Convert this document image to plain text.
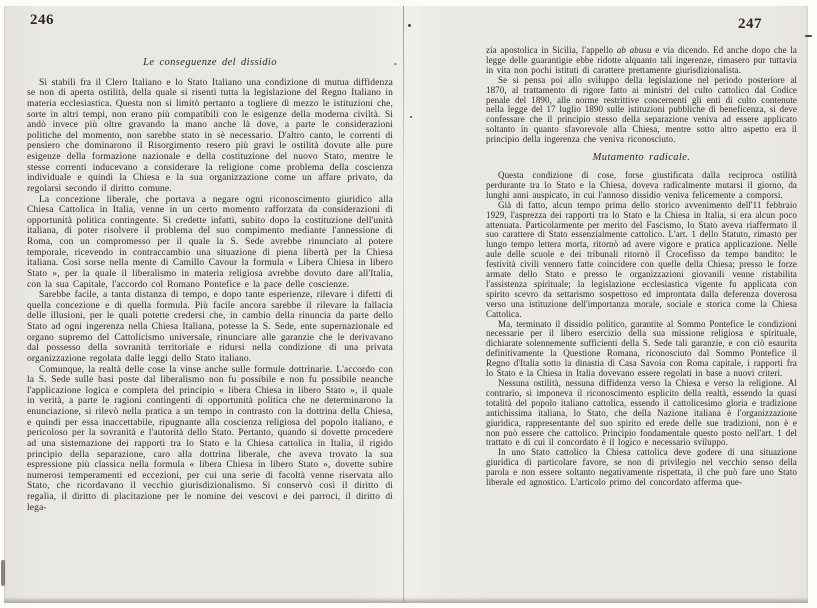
246
Le conseguenze del dissidio

Si stabilì fra il Clero Italiano e lo Stato Italiano una condizione di mutua diffidenza se non di aperta ostilità, della quale si risentì tutta la legislazione del Regno Italiano in materia ecclesiastica. Questa non si limitò pertanto a togliere di mezzo le istituzioni che, sorte in altri tempi, non erano più compatibili con le esigenze della moderna civiltà. Si andò invece più oltre gravando la mano anche là dove, a parte le considerazioni politiche del momento, non sarebbe stato in sè necessario. D'altro canto, le correnti di pensiero che dominarono il Risorgimento resero più gravi le ostilità dovute alle pure esigenze della formazione nazionale e della costituzione del nuovo Stato, mentre le stesse correnti inducevano a considerare la religione come problema della coscienza individuale e quindi la Chiesa e la sua organizzazione come un affare privato, da regolarsi secondo il diritto comune.

La concezione liberale, che portava a negare ogni riconoscimento giuridico alla Chiesa Cattolica in Italia, venne in un certo momento rafforzata da considerazioni di opportunità politica contingente. Si credette infatti, subito dopo la costituzione dell'unità italiana, di poter risolvere il problema del suo compimento mediante l'annessione di Roma, con un compromesso per il quale la S. Sede avrebbe rinunciato al potere temporale, ricevendo in contraccambio una situazione di piena libertà per la Chiesa italiana. Così sorse nella mente di Camillo Cavour la formula « Libera Chiesa in libero Stato », per la quale il liberalismo in materia religiosa avrebbe dovuto dare all'Italia, con la sua Capitale, l'accordo col Romano Pontefice e la pace delle coscienze.

Sarebbe facile, a tanta distanza di tempo, e dopo tante esperienze, rilevare i difetti di quella concezione e di quella formula. Più facile ancora sarebbe il rilevare la fallacia delle illusioni, per le quali potette credersi che, in cambio della rinuncia da parte dello Stato ad ogni ingerenza nella Chiesa Italiana, potesse la S. Sede, ente supernazionale ed organo supremo del Cattolicismo universale, rinunciare alle garanzie che le derivavano dal possesso della sovranità territoriale e ridursi nella condizione di una privata organizzazione regolata dalle leggi dello Stato italiano.

Comunque, la realtà delle cose la vinse anche sulle formule dottrinarie. L'accordo con la S. Sede sulle basi poste dal liberalismo non fu possibile e non fu possibile neanche l'applicazione logica e completa del principio « libera Chiesa in libero Stato », il quale in verità, a parte le ragioni contingenti di opportunità politica che ne determinarono la enunciazione, si rilevò nella pratica a un tempo in contrasto con la dottrina della Chiesa, e quindi per essa inaccettabile, ripugnante alla coscienza religiosa del popolo italiano, e pericoloso per la sovranità e l'autorità dello Stato. Pertanto, quando si dovette procedere ad una sistemazione dei rapporti tra lo Stato e la Chiesa cattolica in Italia, il rigido principio della separazione, caro alla dottrina liberale, che aveva trovato la sua espressione più classica nella formula « libera Chiesa in libero Stato », dovette subire numerosi temperamenti ed eccezioni, per cui una serie di facoltà venne riservata allo Stato, che ricordavano il vecchio giurisdizionalismo. Si conservò così il diritto di regalia, il diritto di placitazione per le nomine dei vescovi e dei parroci, il diritto di lega-

247

zia apostolica in Sicilia, l'appello ab abusu e via dicendo. Ed anche dopo che la legge delle guarantigie ebbe ridotte alquanto tali ingerenze, rimasero pur tuttavia in vita non pochi istituti di carattere prettamente giurisdizionalista.

Se si pensa poi allo sviluppo della legislazione nel periodo posteriore al 1870, al trattamento di rigore fatto ai ministri del culto cattolico dal Codice penale del 1890, alle norme restrittive concernenti gli enti di culto contenute nella legge del 17 luglio 1890 sulle istituzioni pubbliche di beneficenza, si deve confessare che il principio stesso della separazione veniva ad essere applicato soltanto in quanto sfavorevole alla Chiesa, mentre sotto altro aspetto era il principio della ingerenza che veniva riconosciuto.

Mutamento radicale.

Questa condizione di cose, forse giustificata dalla reciproca ostilità perdurante tra lo Stato e la Chiesa, doveva radicalmente mutarsi il giorno, da lunghi anni auspicato, in cui l'annoso dissidio veniva felicemente a comporsi.

Già di fatto, alcun tempo prima dello storico avvenimento dell'11 febbraio 1929, l'asprezza dei rapporti tra lo Stato e la Chiesa in Italia, si era alcun poco attenuata. Particolarmente per merito del Fascismo, lo Stato aveva riaffermato il suo carattere di Stato essenzialmente cattolico. L'art. 1 dello Statuto, rimasto per lungo tempo lettera morta, ritornò ad avere vigore e pratica applicazione. Nelle aule delle scuole e dei tribunali ritornò il Crocefisso da tempo bandito: le festività civili vennero fatte coincidere con quelle della Chiesa; presso le forze armate dello Stato e presso le organizzazioni giovanili venne ristabilita l'assistenza spirituale; la legislazione ecclesiastica vigente fu applicata con spirito scevro da settarismo sospettoso ed improntata dalla deferenza doverosa verso una istituzione dell'importanza morale, sociale e storica come la Chiesa Cattolica.

Ma, terminato il dissidio politico, garantite al Sommo Pontefice le condizioni necessarie per il libero esercizio della sua missione religiosa e spirituale, dichiarate solennemente sufficienti della S. Sede tali garanzie, e con ciò esaurita definitivamente la Questione Romana, riconosciuto dal Sommo Pontefice il Regno d'Italia sotto la dinastia di Casa Savoia con Roma capitale, i rapporti fra lo Stato e la Chiesa in Italia dovevano essere regolati in base a nuovi criteri.

Nessuna ostilità, nessuna diffidenza verso la Chiesa e verso la religione. Al contrario, si imponeva il riconoscimento esplicito della realtà, essendo la quasi totalità del popolo italiano cattolica, essendo il cattolicesimo gloria e tradizione antichissima italiana, lo Stato, che della Nazione italiana è l'organizzazione giuridica, rappresentante del suo spirito ed erede delle sue tradizioni, non è e non può essere che cattolico. Principio fondamentale questo posto nell'art. 1 del trattato e di cui il concordato è il logico e necessario sviluppo.

In uno Stato cattolico la Chiesa cattolica deve godere di una situazione giuridica di particolare favore, se non di privilegio nel vecchio senso della parola e non essere soltanto negativamente rispettata, il che può fare uno Stato liberale ed agnostico. L'articolo primo del concordato afferma que-
